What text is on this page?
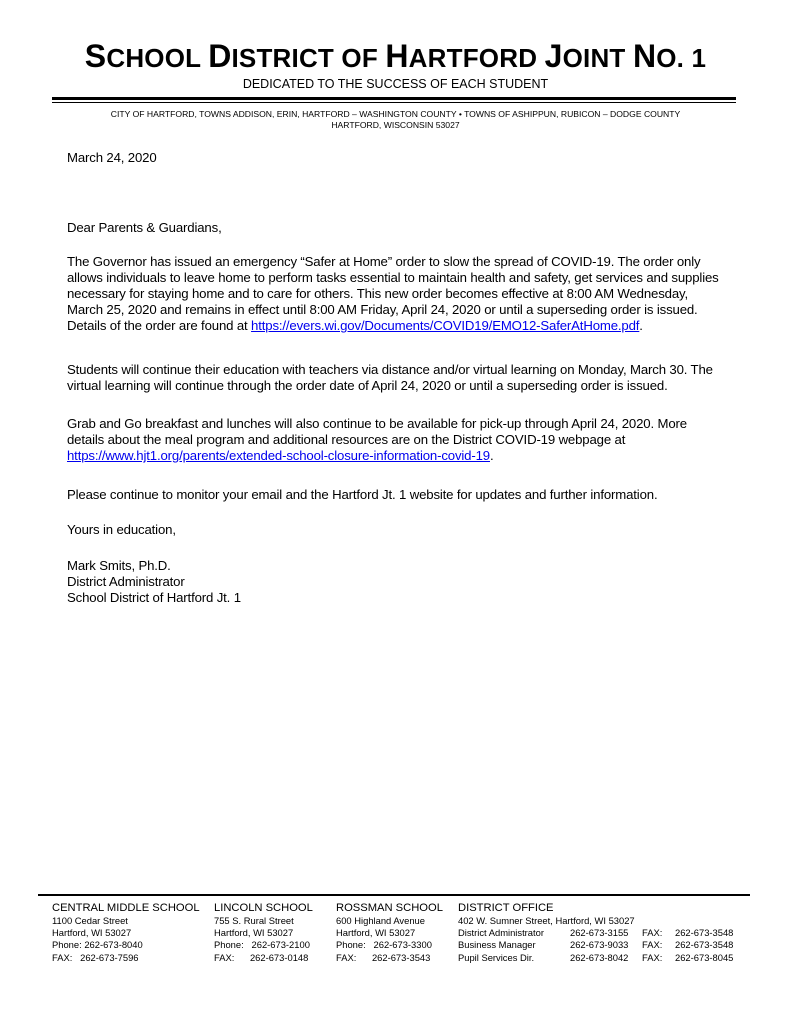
SCHOOL DISTRICT OF HARTFORD JOINT NO. 1
DEDICATED TO THE SUCCESS OF EACH STUDENT
CITY OF HARTFORD, TOWNS ADDISON, ERIN, HARTFORD – WASHINGTON COUNTY • TOWNS OF ASHIPPUN, RUBICON – DODGE COUNTY
HARTFORD, WISCONSIN 53027
March 24, 2020
Dear Parents & Guardians,

The Governor has issued an emergency “Safer at Home” order to slow the spread of COVID-19. The order only allows individuals to leave home to perform tasks essential to maintain health and safety, get services and supplies necessary for staying home and to care for others. This new order becomes effective at 8:00 AM Wednesday, March 25, 2020 and remains in effect until 8:00 AM Friday, April 24, 2020 or until a superseding order is issued. Details of the order are found at https://evers.wi.gov/Documents/COVID19/EMO12-SaferAtHome.pdf.

Students will continue their education with teachers via distance and/or virtual learning on Monday, March 30. The virtual learning will continue through the order date of April 24, 2020 or until a superseding order is issued.

Grab and Go breakfast and lunches will also continue to be available for pick-up through April 24, 2020. More details about the meal program and additional resources are on the District COVID-19 webpage at https://www.hjt1.org/parents/extended-school-closure-information-covid-19.

Please continue to monitor your email and the Hartford Jt. 1 website for updates and further information.
Yours in education,
Mark Smits, Ph.D.
District Administrator
School District of Hartford Jt. 1
CENTRAL MIDDLE SCHOOL
1100 Cedar Street
Hartford, WI 53027
Phone: 262-673-8040
FAX:   262-673-7596
LINCOLN SCHOOL
755 S. Rural Street
Hartford, WI 53027
Phone:   262-673-2100
FAX:      262-673-0148
ROSSMAN SCHOOL
600 Highland Avenue
Hartford, WI 53027
Phone:   262-673-3300
FAX:      262-673-3543
DISTRICT OFFICE
402 W. Sumner Street, Hartford, WI 53027
District Administrator	262-673-3155 FAX: 262-673-3548
Business Manager	262-673-9033 FAX: 262-673-3548
Pupil Services Dir.	262-673-8042 FAX: 262-673-8045
